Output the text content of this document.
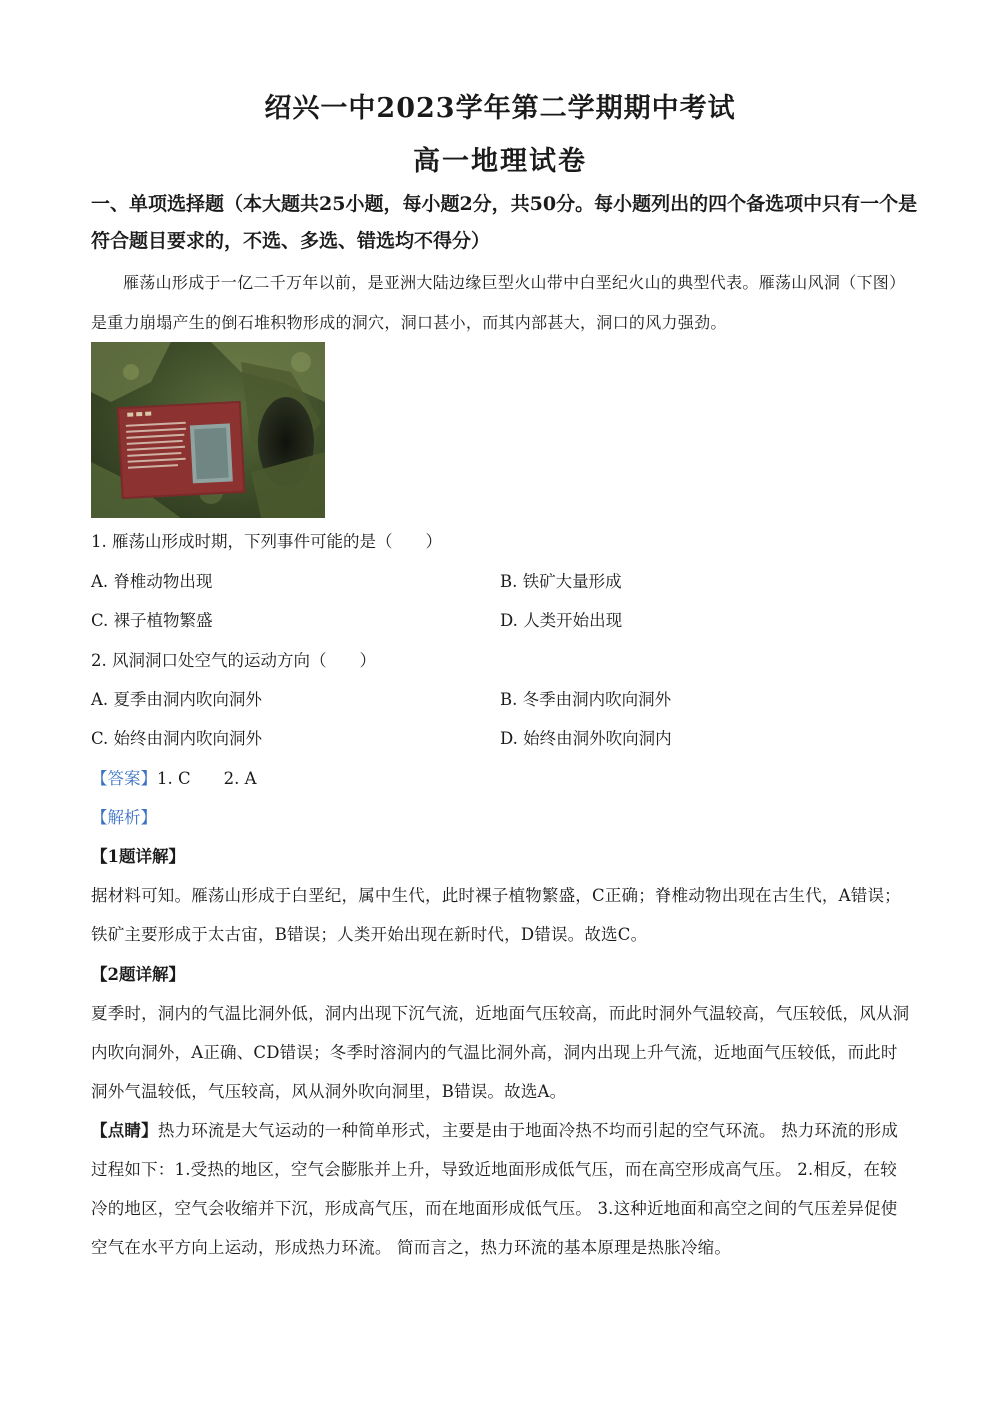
绍兴一中2023学年第二学期期中考试
高一地理试卷
一、单项选择题（本大题共25小题，每小题2分，共50分。每小题列出的四个备选项中只有一个是符合题目要求的，不选、多选、错选均不得分）
雁荡山形成于一亿二千万年以前，是亚洲大陆边缘巨型火山带中白垩纪火山的典型代表。雁荡山风洞（下图）是重力崩塌产生的倒石堆积物形成的洞穴，洞口甚小，而其内部甚大，洞口的风力强劲。
1. 雁荡山形成时期，下列事件可能的是（　　）
A. 脊椎动物出现	B. 铁矿大量形成
C. 裸子植物繁盛	D. 人类开始出现
2. 风洞洞口处空气的运动方向（　　）
A. 夏季由洞内吹向洞外	B. 冬季由洞内吹向洞外
C. 始终由洞内吹向洞外	D. 始终由洞外吹向洞内
【答案】1. C　　2. A
【解析】
【1题详解】
据材料可知。雁荡山形成于白垩纪，属中生代，此时裸子植物繁盛，C正确；脊椎动物出现在古生代，A错误；铁矿主要形成于太古宙，B错误；人类开始出现在新时代，D错误。故选C。
【2题详解】
夏季时，洞内的气温比洞外低，洞内出现下沉气流，近地面气压较高，而此时洞外气温较高，气压较低，风从洞内吹向洞外，A正确、CD错误；冬季时溶洞内的气温比洞外高，洞内出现上升气流，近地面气压较低，而此时洞外气温较低，气压较高，风从洞外吹向洞里，B错误。故选A。
【点睛】热力环流是大气运动的一种简单形式，主要是由于地面冷热不均而引起的空气环流。 热力环流的形成过程如下：1.受热的地区，空气会膨胀并上升，导致近地面形成低气压，而在高空形成高气压。 2.相反，在较冷的地区，空气会收缩并下沉，形成高气压，而在地面形成低气压。 3.这种近地面和高空之间的气压差异促使空气在水平方向上运动，形成热力环流。 简而言之，热力环流的基本原理是热胀冷缩。
